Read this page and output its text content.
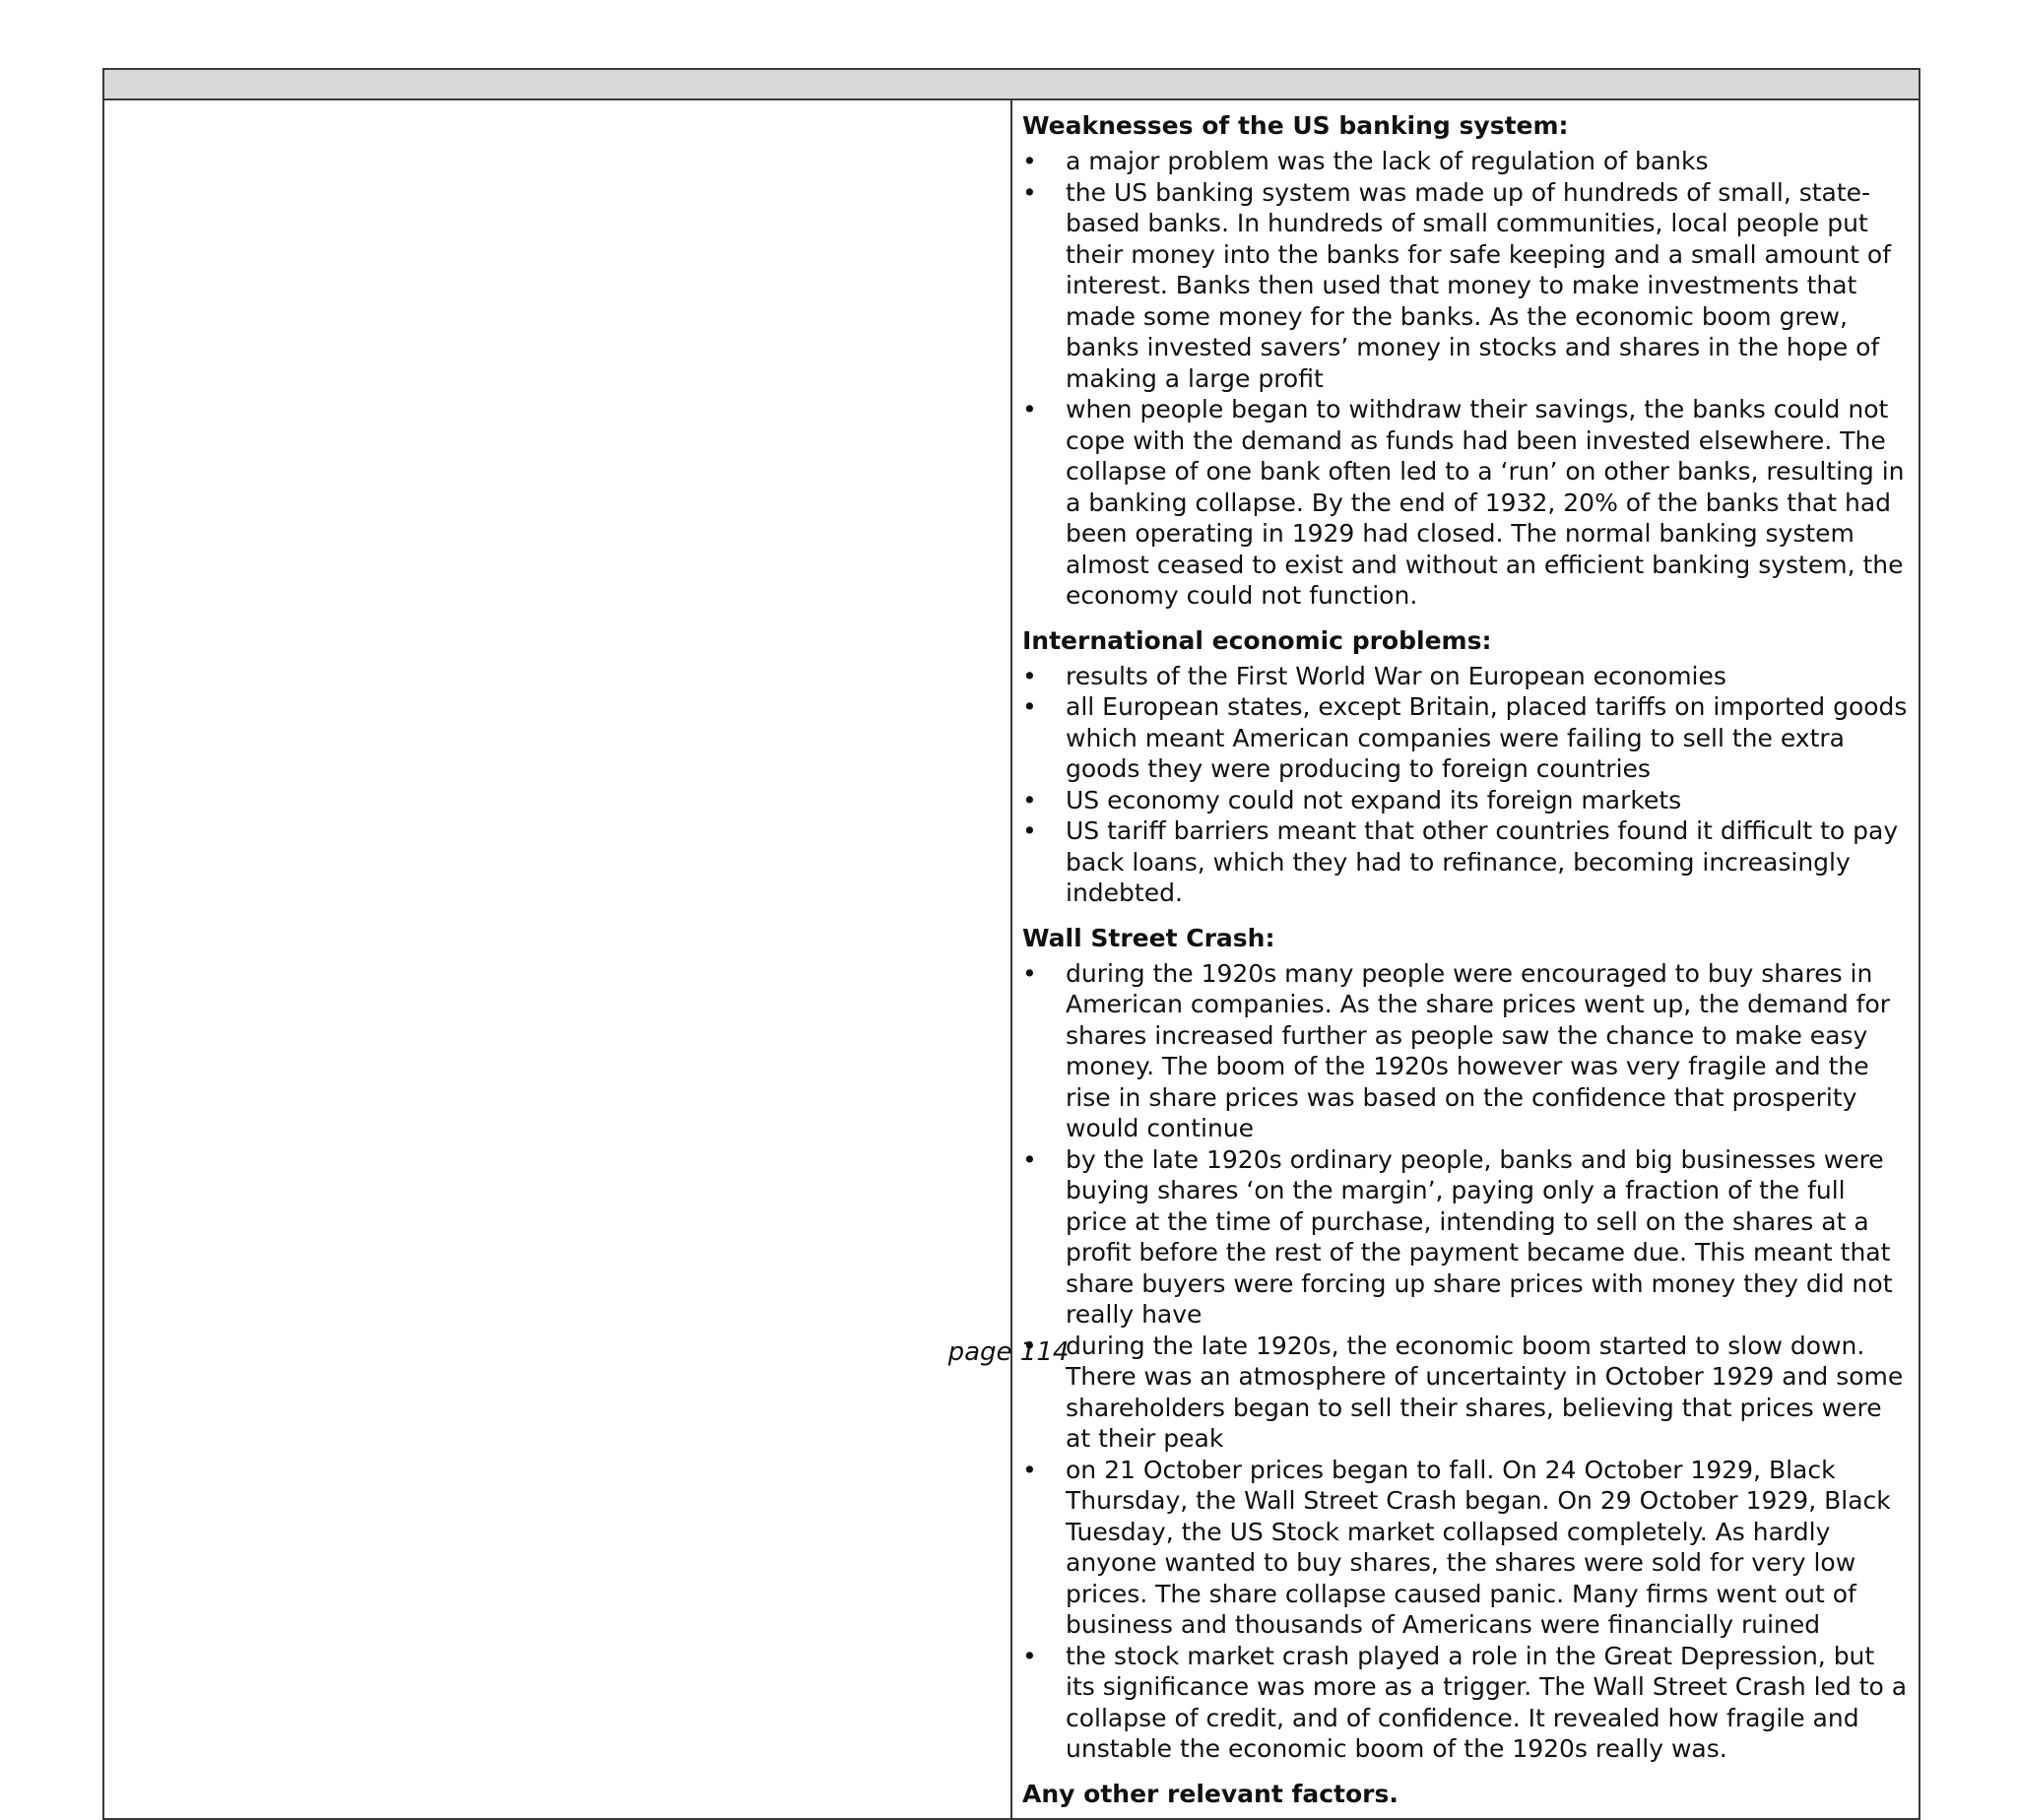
Weaknesses of the US banking system:
• a major problem was the lack of regulation of banks
• the US banking system was made up of hundreds of small, state-based banks. In hundreds of small communities, local people put their money into the banks for safe keeping and a small amount of interest. Banks then used that money to make investments that made some money for the banks. As the economic boom grew, banks invested savers’ money in stocks and shares in the hope of making a large profit
• when people began to withdraw their savings, the banks could not cope with the demand as funds had been invested elsewhere. The collapse of one bank often led to a ‘run’ on other banks, resulting in a banking collapse. By the end of 1932, 20% of the banks that had been operating in 1929 had closed. The normal banking system almost ceased to exist and without an efficient banking system, the economy could not function.
International economic problems:
• results of the First World War on European economies
• all European states, except Britain, placed tariffs on imported goods which meant American companies were failing to sell the extra goods they were producing to foreign countries
• US economy could not expand its foreign markets
• US tariff barriers meant that other countries found it difficult to pay back loans, which they had to refinance, becoming increasingly indebted.
Wall Street Crash:
• during the 1920s many people were encouraged to buy shares in American companies. As the share prices went up, the demand for shares increased further as people saw the chance to make easy money. The boom of the 1920s however was very fragile and the rise in share prices was based on the confidence that prosperity would continue
• by the late 1920s ordinary people, banks and big businesses were buying shares ‘on the margin’, paying only a fraction of the full price at the time of purchase, intending to sell on the shares at a profit before the rest of the payment became due. This meant that share buyers were forcing up share prices with money they did not really have
• during the late 1920s, the economic boom started to slow down. There was an atmosphere of uncertainty in October 1929 and some shareholders began to sell their shares, believing that prices were at their peak
• on 21 October prices began to fall. On 24 October 1929, Black Thursday, the Wall Street Crash began. On 29 October 1929, Black Tuesday, the US Stock market collapsed completely. As hardly anyone wanted to buy shares, the shares were sold for very low prices. The share collapse caused panic. Many firms went out of business and thousands of Americans were financially ruined
• the stock market crash played a role in the Great Depression, but its significance was more as a trigger. The Wall Street Crash led to a collapse of credit, and of confidence. It revealed how fragile and unstable the economic boom of the 1920s really was.
Any other relevant factors.
page 114
